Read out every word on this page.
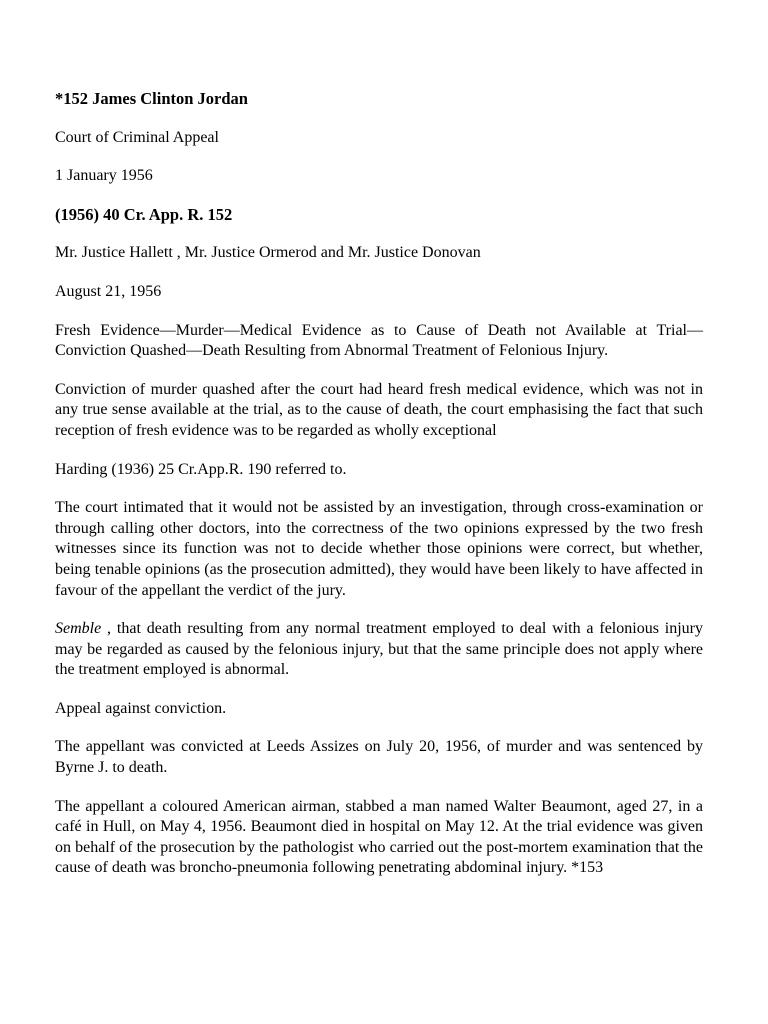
*152 James Clinton Jordan

Court of Criminal Appeal

1 January 1956

(1956) 40 Cr. App. R. 152

Mr. Justice Hallett , Mr. Justice Ormerod and Mr. Justice Donovan

August 21, 1956

Fresh Evidence—Murder—Medical Evidence as to Cause of Death not Available at Trial—Conviction Quashed—Death Resulting from Abnormal Treatment of Felonious Injury.

Conviction of murder quashed after the court had heard fresh medical evidence, which was not in any true sense available at the trial, as to the cause of death, the court emphasising the fact that such reception of fresh evidence was to be regarded as wholly exceptional

Harding (1936) 25 Cr.App.R. 190 referred to.

The court intimated that it would not be assisted by an investigation, through cross-examination or through calling other doctors, into the correctness of the two opinions expressed by the two fresh witnesses since its function was not to decide whether those opinions were correct, but whether, being tenable opinions (as the prosecution admitted), they would have been likely to have affected in favour of the appellant the verdict of the jury.

Semble , that death resulting from any normal treatment employed to deal with a felonious injury may be regarded as caused by the felonious injury, but that the same principle does not apply where the treatment employed is abnormal.

Appeal against conviction.

The appellant was convicted at Leeds Assizes on July 20, 1956, of murder and was sentenced by Byrne J. to death.

The appellant a coloured American airman, stabbed a man named Walter Beaumont, aged 27, in a café in Hull, on May 4, 1956. Beaumont died in hospital on May 12. At the trial evidence was given on behalf of the prosecution by the pathologist who carried out the post-mortem examination that the cause of death was broncho-pneumonia following penetrating abdominal injury. *153
